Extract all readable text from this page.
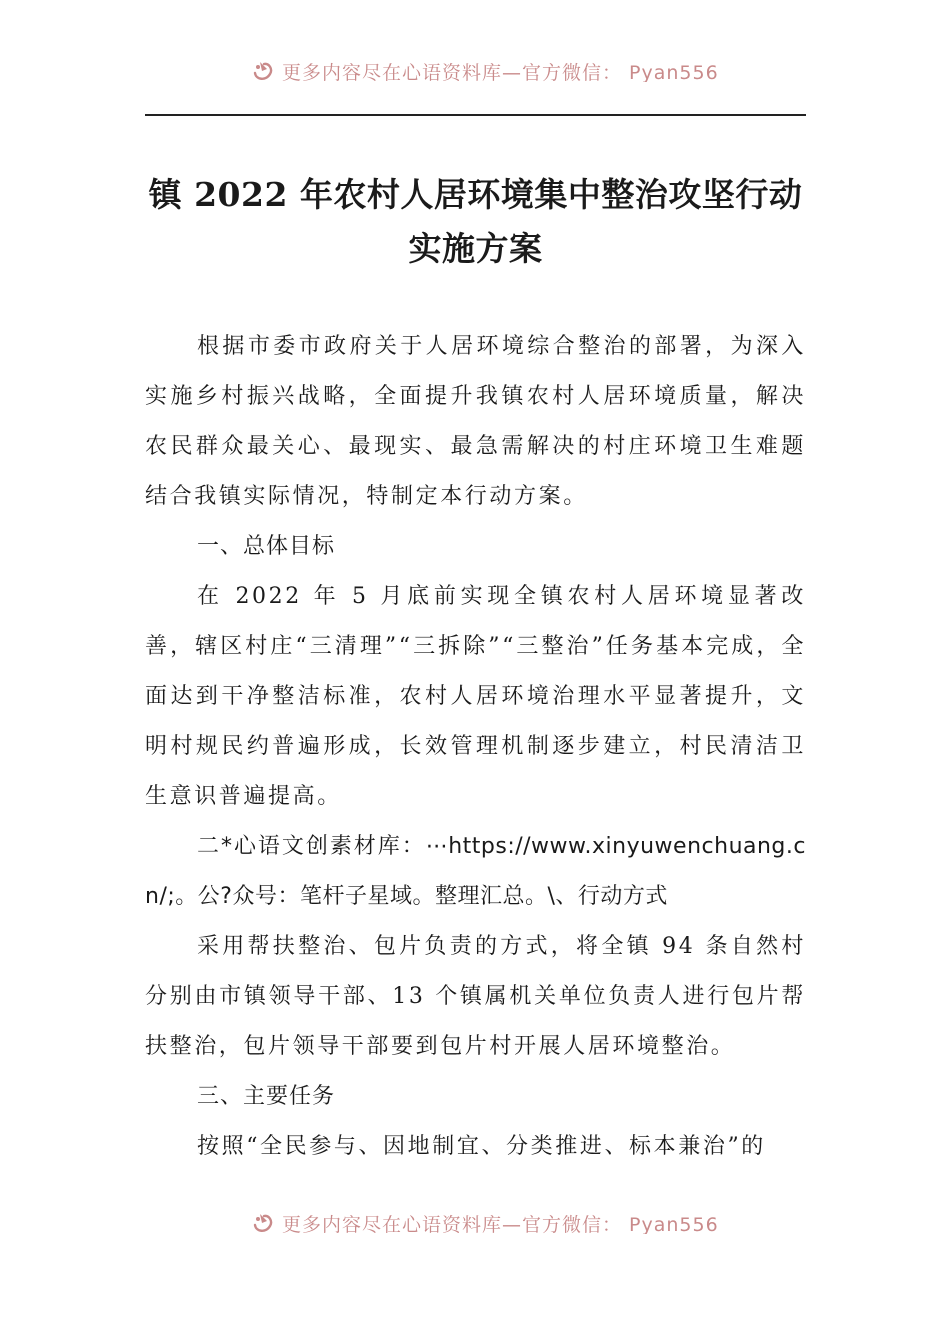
更多内容尽在心语资料库—官方微信： Pyan556
镇 2022 年农村人居环境集中整治攻坚行动
实施方案

根据市委市政府关于人居环境综合整治的部署，为深入实施乡村振兴战略，全面提升我镇农村人居环境质量，解决农民群众最关心、最现实、最急需解决的村庄环境卫生难题结合我镇实际情况，特制定本行动方案。

一、总体目标

在 2022 年 5 月底前实现全镇农村人居环境显著改善，辖区村庄“三清理”“三拆除”“三整治”任务基本完成，全面达到干净整洁标准，农村人居环境治理水平显著提升，文明村规民约普遍形成，长效管理机制逐步建立，村民清洁卫生意识普遍提高。

二*心语文创素材库：⋯https://www.xinyuwenchuang.cn/;。公?众号：笔杆子星域。整理汇总。\、行动方式

采用帮扶整治、包片负责的方式，将全镇 94 条自然村分别由市镇领导干部、13 个镇属机关单位负责人进行包片帮扶整治，包片领导干部要到包片村开展人居环境整治。

三、主要任务

按照“全民参与、因地制宜、分类推进、标本兼治”的

更多内容尽在心语资料库—官方微信： Pyan556
